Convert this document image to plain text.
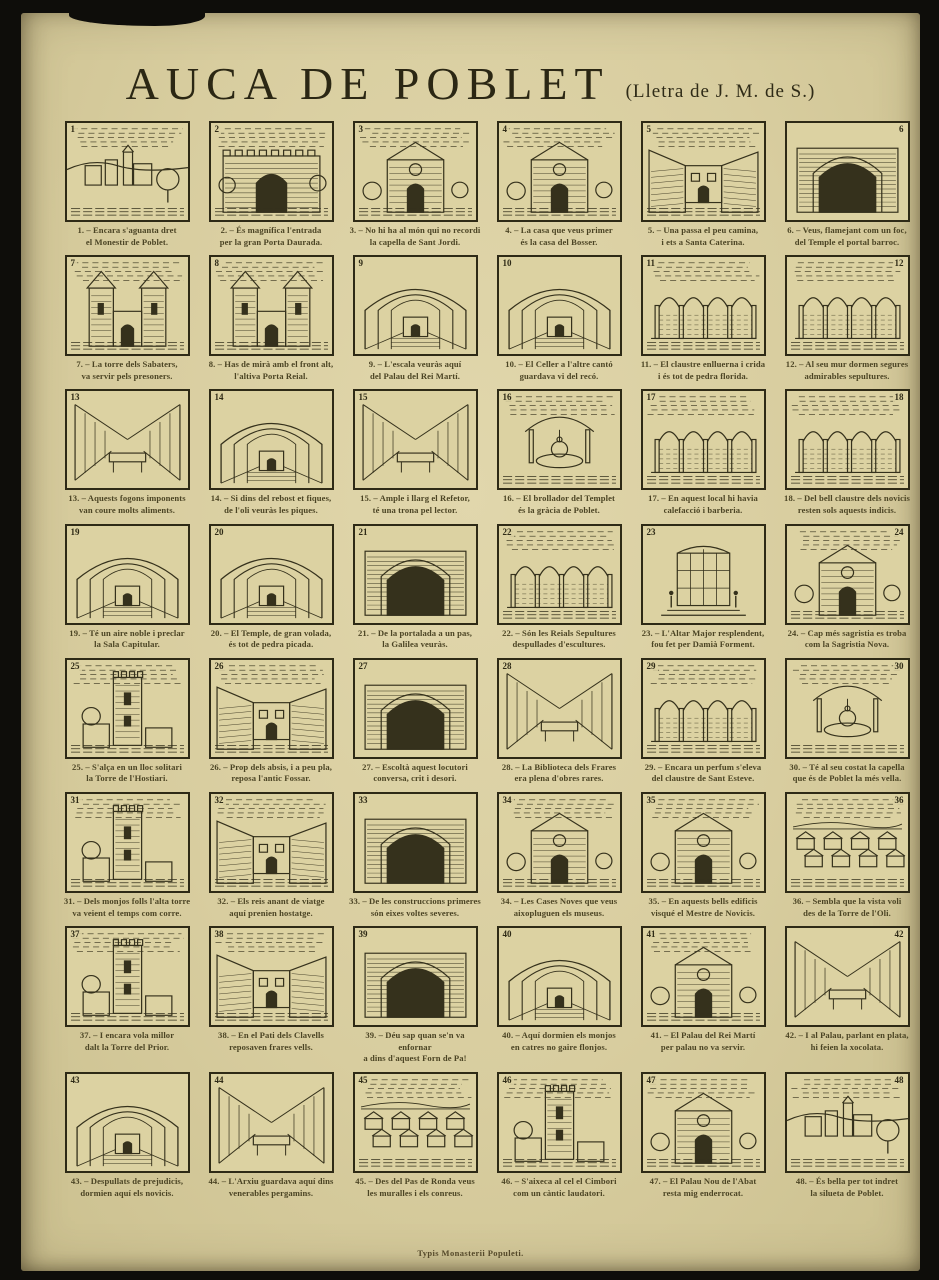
AUCA DE POBLET (Lletra de J. M. de S.)
1
1. – Encara s'aguanta dret
el Monestir de Poblet.
2
2. – És magnífica l'entrada
per la gran Porta Daurada.
3
3. – No hi ha al món qui no recordi
la capella de Sant Jordi.
4
4. – La casa que veus primer
és la casa del Bosser.
5
5. – Una passa el peu camina,
i ets a Santa Caterina.
6
6. – Veus, flamejant com un foc,
del Temple el portal barroc.
7
7. – La torre dels Sabaters,
va servir pels presoners.
8
8. – Has de mirà amb el front alt,
l'altiva Porta Reial.
9
9. – L'escala veuràs aquí
del Palau del Rei Martí.
10
10. – El Celler a l'altre cantó
guardava vi del recó.
11
11. – El claustre enlluerna i crida
i és tot de pedra florida.
12
12. – Al seu mur dormen segures
admirables sepultures.
13
13. – Aquests fogons imponents
van coure molts aliments.
14
14. – Si dins del rebost et fiques,
de l'oli veuràs les piques.
15
15. – Ample i llarg el Refetor,
té una trona pel lector.
16
16. – El brollador del Templet
és la gràcia de Poblet.
17
17. – En aquest local hi havia
calefacció i barberia.
18
18. – Del bell claustre dels novicis
resten sols aquests indicis.
19
19. – Té un aire noble i preclar
la Sala Capitular.
20
20. – El Temple, de gran volada,
és tot de pedra picada.
21
21. – De la portalada a un pas,
la Galilea veuràs.
22
22. – Són les Reials Sepultures
despullades d'escultures.
23
23. – L'Altar Major resplendent,
fou fet per Damià Forment.
24
24. – Cap més sagristia es troba
com la Sagristia Nova.
25
25. – S'alça en un lloc solitari
la Torre de l'Hostiari.
26
26. – Prop dels absis, i a peu pla,
reposa l'antic Fossar.
27
27. – Escoltà aquest locutori
conversa, crit i desori.
28
28. – La Biblioteca dels Frares
era plena d'obres rares.
29
29. – Encara un perfum s'eleva
del claustre de Sant Esteve.
30
30. – Té al seu costat la capella
que és de Poblet la més vella.
31
31. – Dels monjos folls l'alta torre
va veient el temps com corre.
32
32. – Els reis anant de viatge
aquí prenien hostatge.
33
33. – De les construccions primeres
són eixes voltes severes.
34
34. – Les Cases Noves que veus
aixopluguen els museus.
35
35. – En aquests bells edificis
visqué el Mestre de Novicis.
36
36. – Sembla que la vista voli
des de la Torre de l'Oli.
37
37. – I encara vola millor
dalt la Torre del Prior.
38
38. – En el Pati dels Clavells
reposaven frares vells.
39
39. – Déu sap quan se'n va enfornar
a dins d'aquest Forn de Pa!
40
40. – Aquí dormien els monjos
en catres no gaire flonjos.
41
41. – El Palau del Rei Martí
per palau no va servir.
42
42. – I al Palau, parlant en plata,
hi feien la xocolata.
43
43. – Despullats de prejudicis,
dormien aquí els novicis.
44
44. – L'Arxiu guardava aquí dins
venerables pergamins.
45
45. – Des del Pas de Ronda veus
les muralles i els conreus.
46
46. – S'aixeca al cel el Cimbori
com un càntic laudatori.
47
47. – El Palau Nou de l'Abat
resta mig enderrocat.
48
48. – És bella per tot indret
la silueta de Poblet.
Typis Monasterii Populeti.
